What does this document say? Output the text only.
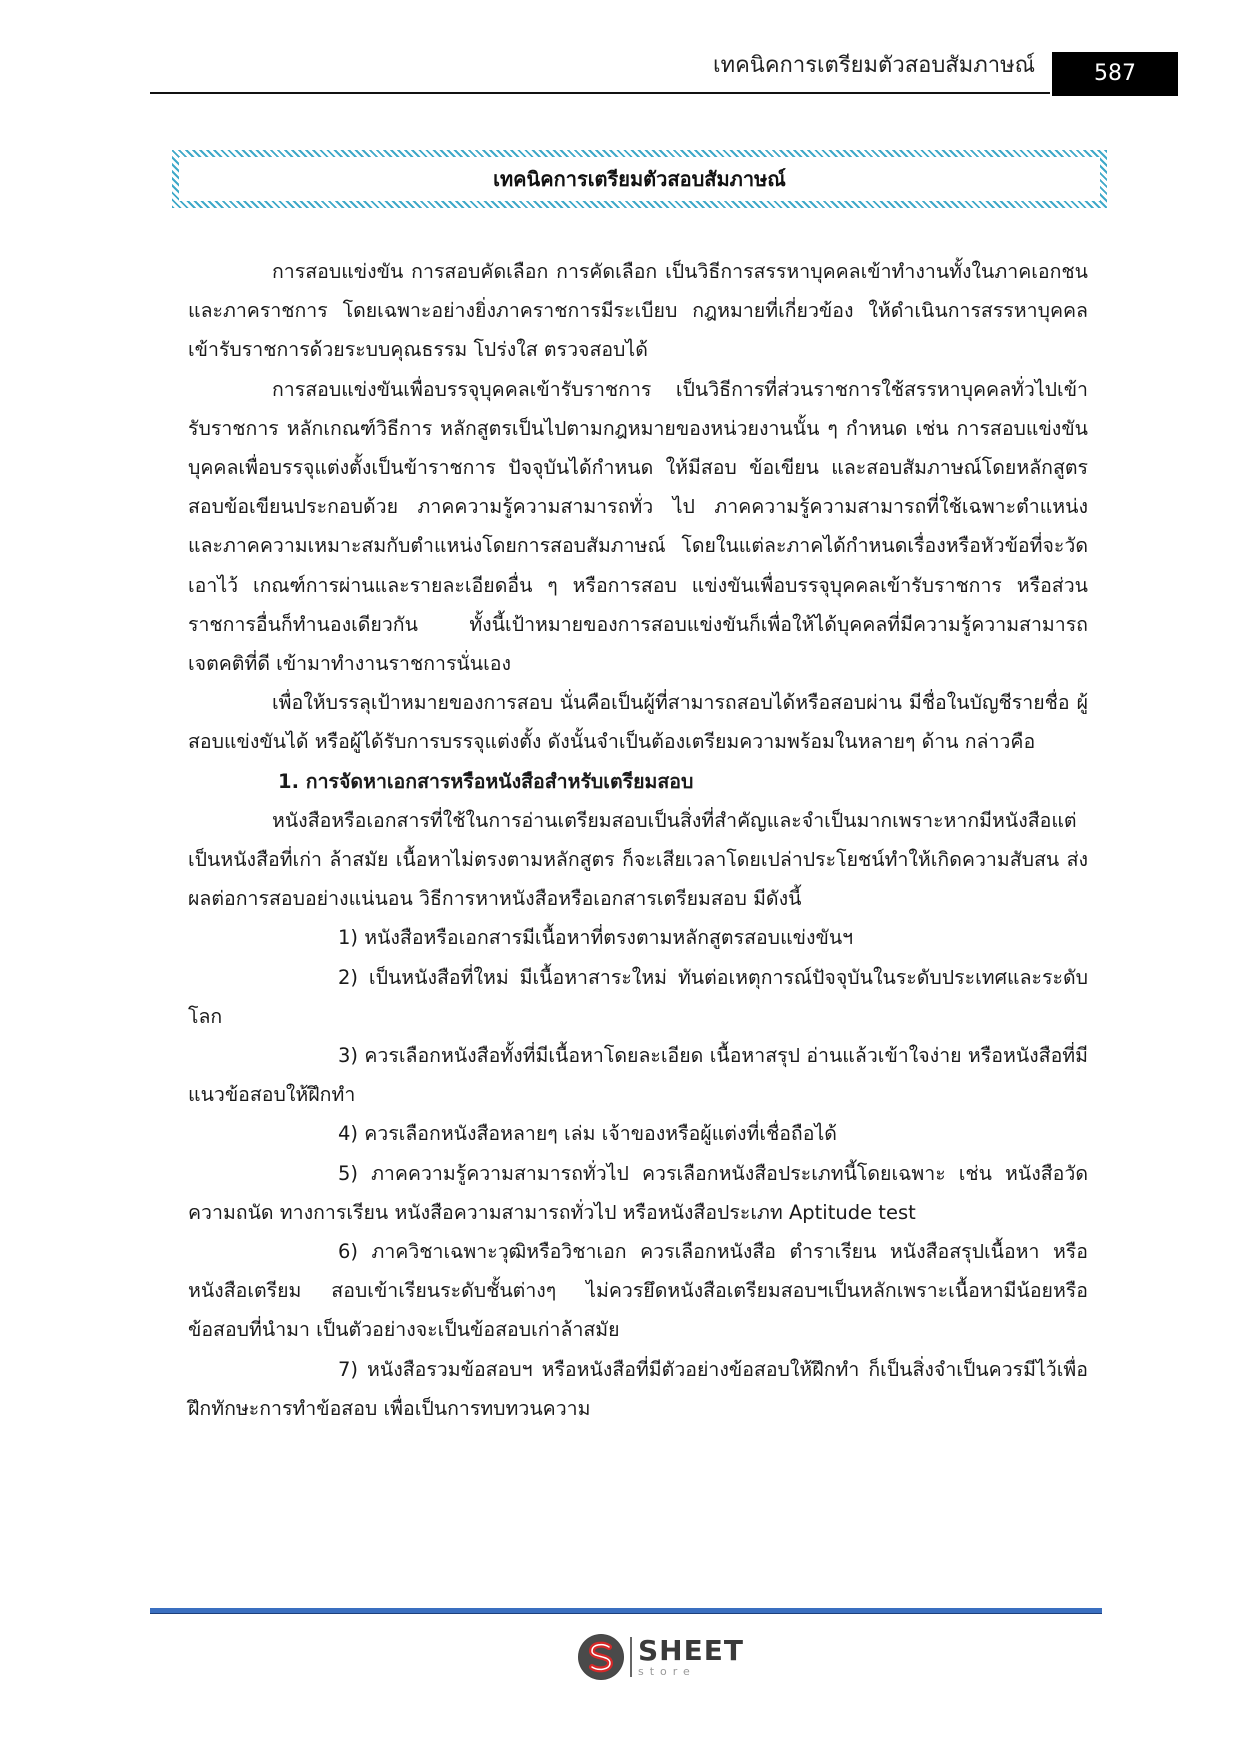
เทคนิคการเตรียมตัวสอบสัมภาษณ์	587
เทคนิคการเตรียมตัวสอบสัมภาษณ์

การสอบแข่งขัน การสอบคัดเลือก การคัดเลือก เป็นวิธีการสรรหาบุคคลเข้าทำงานทั้งในภาคเอกชน และภาคราชการ โดยเฉพาะอย่างยิ่งภาคราชการมีระเบียบ กฎหมายที่เกี่ยวข้อง ให้ดำเนินการสรรหาบุคคล เข้ารับราชการด้วยระบบคุณธรรม โปร่งใส ตรวจสอบได้

การสอบแข่งขันเพื่อบรรจุบุคคลเข้ารับราชการ เป็นวิธีการที่ส่วนราชการใช้สรรหาบุคคลทั่วไปเข้ารับราชการ หลักเกณฑ์วิธีการ หลักสูตรเป็นไปตามกฎหมายของหน่วยงานนั้น ๆ กำหนด เช่น การสอบแข่งขันบุคคลเพื่อบรรจุแต่งตั้งเป็นข้าราชการ ปัจจุบันได้กำหนด ให้มีสอบ ข้อเขียน และสอบสัมภาษณ์โดยหลักสูตรสอบข้อเขียนประกอบด้วย ภาคความรู้ความสามารถทั่ว ไป ภาคความรู้ความสามารถที่ใช้เฉพาะตำแหน่ง และภาคความเหมาะสมกับตำแหน่งโดยการสอบสัมภาษณ์ โดยในแต่ละภาคได้กำหนดเรื่องหรือหัวข้อที่จะวัดเอาไว้ เกณฑ์การผ่านและรายละเอียดอื่น ๆ หรือการสอบ แข่งขันเพื่อบรรจุบุคคลเข้ารับราชการ หรือส่วนราชการอื่นก็ทำนองเดียวกัน ทั้งนี้เป้าหมายของการสอบแข่งขันก็เพื่อให้ได้บุคคลที่มีความรู้ความสามารถ เจตคติที่ดี เข้ามาทำงานราชการนั่นเอง

เพื่อให้บรรลุเป้าหมายของการสอบ นั่นคือเป็นผู้ที่สามารถสอบได้หรือสอบผ่าน มีชื่อในบัญชีรายชื่อ ผู้สอบแข่งขันได้ หรือผู้ได้รับการบรรจุแต่งตั้ง ดังนั้นจำเป็นต้องเตรียมความพร้อมในหลายๆ ด้าน กล่าวคือ

1. การจัดหาเอกสารหรือหนังสือสำหรับเตรียมสอบ

หนังสือหรือเอกสารที่ใช้ในการอ่านเตรียมสอบเป็นสิ่งที่สำคัญและจำเป็นมากเพราะหากมีหนังสือแต่ เป็นหนังสือที่เก่า ล้าสมัย เนื้อหาไม่ตรงตามหลักสูตร ก็จะเสียเวลาโดยเปล่าประโยชน์ทำให้เกิดความสับสน ส่งผลต่อการสอบอย่างแน่นอน วิธีการหาหนังสือหรือเอกสารเตรียมสอบ มีดังนี้

1) หนังสือหรือเอกสารมีเนื้อหาที่ตรงตามหลักสูตรสอบแข่งขันฯ

2) เป็นหนังสือที่ใหม่ มีเนื้อหาสาระใหม่ ทันต่อเหตุการณ์ปัจจุบันในระดับประเทศและระดับโลก

3) ควรเลือกหนังสือทั้งที่มีเนื้อหาโดยละเอียด เนื้อหาสรุป อ่านแล้วเข้าใจง่าย หรือหนังสือที่มีแนวข้อสอบให้ฝึกทำ

4) ควรเลือกหนังสือหลายๆ เล่ม เจ้าของหรือผู้แต่งที่เชื่อถือได้

5) ภาคความรู้ความสามารถทั่วไป ควรเลือกหนังสือประเภทนี้โดยเฉพาะ เช่น หนังสือวัดความถนัด ทางการเรียน หนังสือความสามารถทั่วไป หรือหนังสือประเภท Aptitude test

6) ภาควิชาเฉพาะวุฒิหรือวิชาเอก ควรเลือกหนังสือ ตำราเรียน หนังสือสรุปเนื้อหา หรือหนังสือเตรียม สอบเข้าเรียนระดับชั้นต่างๆ ไม่ควรยึดหนังสือเตรียมสอบฯเป็นหลักเพราะเนื้อหามีน้อยหรือข้อสอบที่นำมา เป็นตัวอย่างจะเป็นข้อสอบเก่าล้าสมัย

7) หนังสือรวมข้อสอบฯ หรือหนังสือที่มีตัวอย่างข้อสอบให้ฝึกทำ ก็เป็นสิ่งจำเป็นควรมีไว้เพื่อ ฝึกทักษะการทำข้อสอบ เพื่อเป็นการทบทวนความ

SHEET
store
